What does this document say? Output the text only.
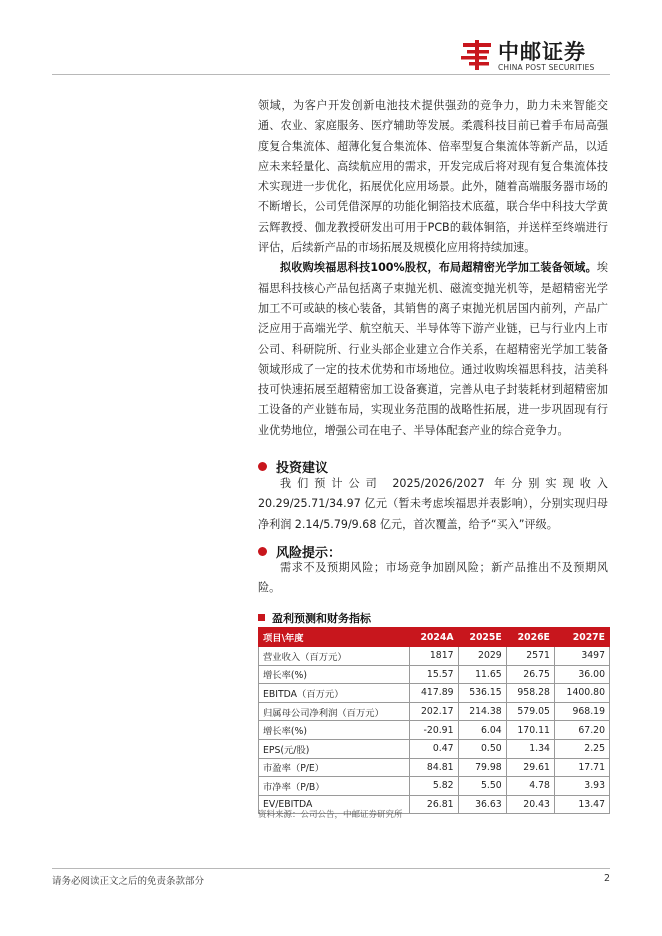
中邮证券
CHINA POST SECURITIES

领域，为客户开发创新电池技术提供强劲的竞争力，助力未来智能交通、农业、家庭服务、医疗辅助等发展。柔震科技目前已着手布局高强度复合集流体、超薄化复合集流体、倍率型复合集流体等新产品，以适应未来轻量化、高续航应用的需求，开发完成后将对现有复合集流体技术实现进一步优化，拓展优化应用场景。此外，随着高端服务器市场的不断增长，公司凭借深厚的功能化铜箔技术底蕴，联合华中科技大学黄云辉教授、伽龙教授研发出可用于PCB的载体铜箔，并送样至终端进行评估，后续新产品的市场拓展及规模化应用将持续加速。

拟收购埃福思科技100%股权，布局超精密光学加工装备领域。埃福思科技核心产品包括离子束抛光机、磁流变抛光机等，是超精密光学加工不可或缺的核心装备，其销售的离子束抛光机居国内前列，产品广泛应用于高端光学、航空航天、半导体等下游产业链，已与行业内上市公司、科研院所、行业头部企业建立合作关系，在超精密光学加工装备领域形成了一定的技术优势和市场地位。通过收购埃福思科技，洁美科技可快速拓展至超精密加工设备赛道，完善从电子封装耗材到超精密加工设备的产业链布局，实现业务范围的战略性拓展，进一步巩固现有行业优势地位，增强公司在电子、半导体配套产业的综合竞争力。

投资建议

我们预计公司 2025/2026/2027 年分别实现收入 20.29/25.71/34.97 亿元（暂未考虑埃福思并表影响），分别实现归母净利润 2.14/5.79/9.68 亿元，首次覆盖，给予“买入”评级。

风险提示：

需求不及预期风险；市场竞争加剧风险；新产品推出不及预期风险。

盈利预测和财务指标
项目\年度	2024A	2025E	2026E	2027E
营业收入（百万元）	1817	2029	2571	3497
增长率(%)	15.57	11.65	26.75	36.00
EBITDA（百万元）	417.89	536.15	958.28	1400.80
归属母公司净利润（百万元）	202.17	214.38	579.05	968.19
增长率(%)	-20.91	6.04	170.11	67.20
EPS(元/股)	0.47	0.50	1.34	2.25
市盈率（P/E）	84.81	79.98	29.61	17.71
市净率（P/B）	5.82	5.50	4.78	3.93
EV/EBITDA	26.81	36.63	20.43	13.47
资料来源：公司公告，中邮证券研究所
请务必阅读正文之后的免责条款部分	2
